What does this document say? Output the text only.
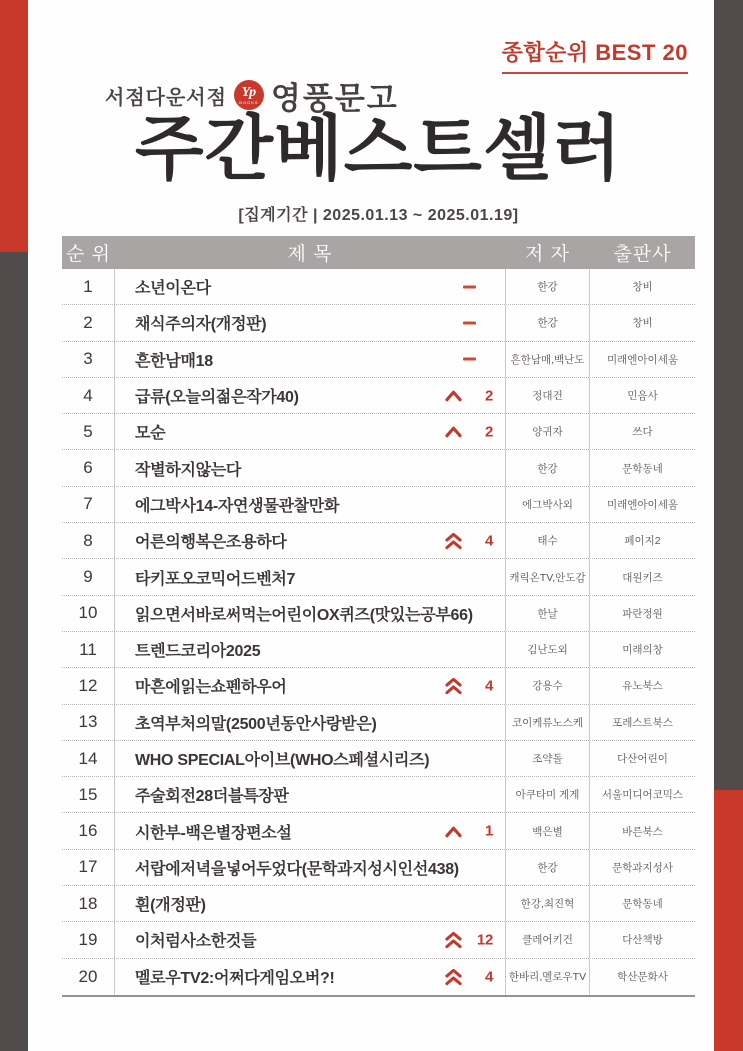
종합순위 BEST 20
서점다운서점 Yp
BOOKS 영풍문고
주간베스트셀러
[집계기간 | 2025.01.13 ~ 2025.01.19]
순 위	제 목	저 자	출판사
1	소년이온다	한강	창비
2	채식주의자(개정판)	한강	창비
3	흔한남매18	흔한남매,백난도	미래엔아이세움
4	급류(오늘의젊은작가40)	2	정대건	민음사
5	모순	2	양귀자	쓰다
6	작별하지않는다	한강	문학동네
7	에그박사14-자연생물관찰만화	에그박사외	미래엔아이세움
8	어른의행복은조용하다	4	태수	페이지2
9	타키포오코믹어드벤처7	캐릭온TV,안도감	대원키즈
10 읽으면서바로써먹는어린이OX퀴즈(맛있는공부66)	한날	파란정원
11 트렌드코리아2025	김난도외	미래의창
12 마흔에읽는쇼펜하우어	4	강용수	유노북스
13 초역부처의말(2500년동안사랑받은)	코이케류노스케	포레스트북스
14 WHO SPECIAL아이브(WHO스페셜시리즈)	조약돌	다산어린이
15 주술회전28더블특장판	아쿠타미 게게	서울미디어코믹스
16 시한부-백은별장편소설	1	백은별	바른북스
17 서랍에저녁을넣어두었다(문학과지성시인선438)	한강	문학과지성사
18 흰(개정판)	한강,최진혁	문학동네
19 이처럼사소한것들	12	클레어키건	다산책방
20 멜로우TV2:어쩌다게임오버?!	4	한바리,멜로우TV	학산문화사
